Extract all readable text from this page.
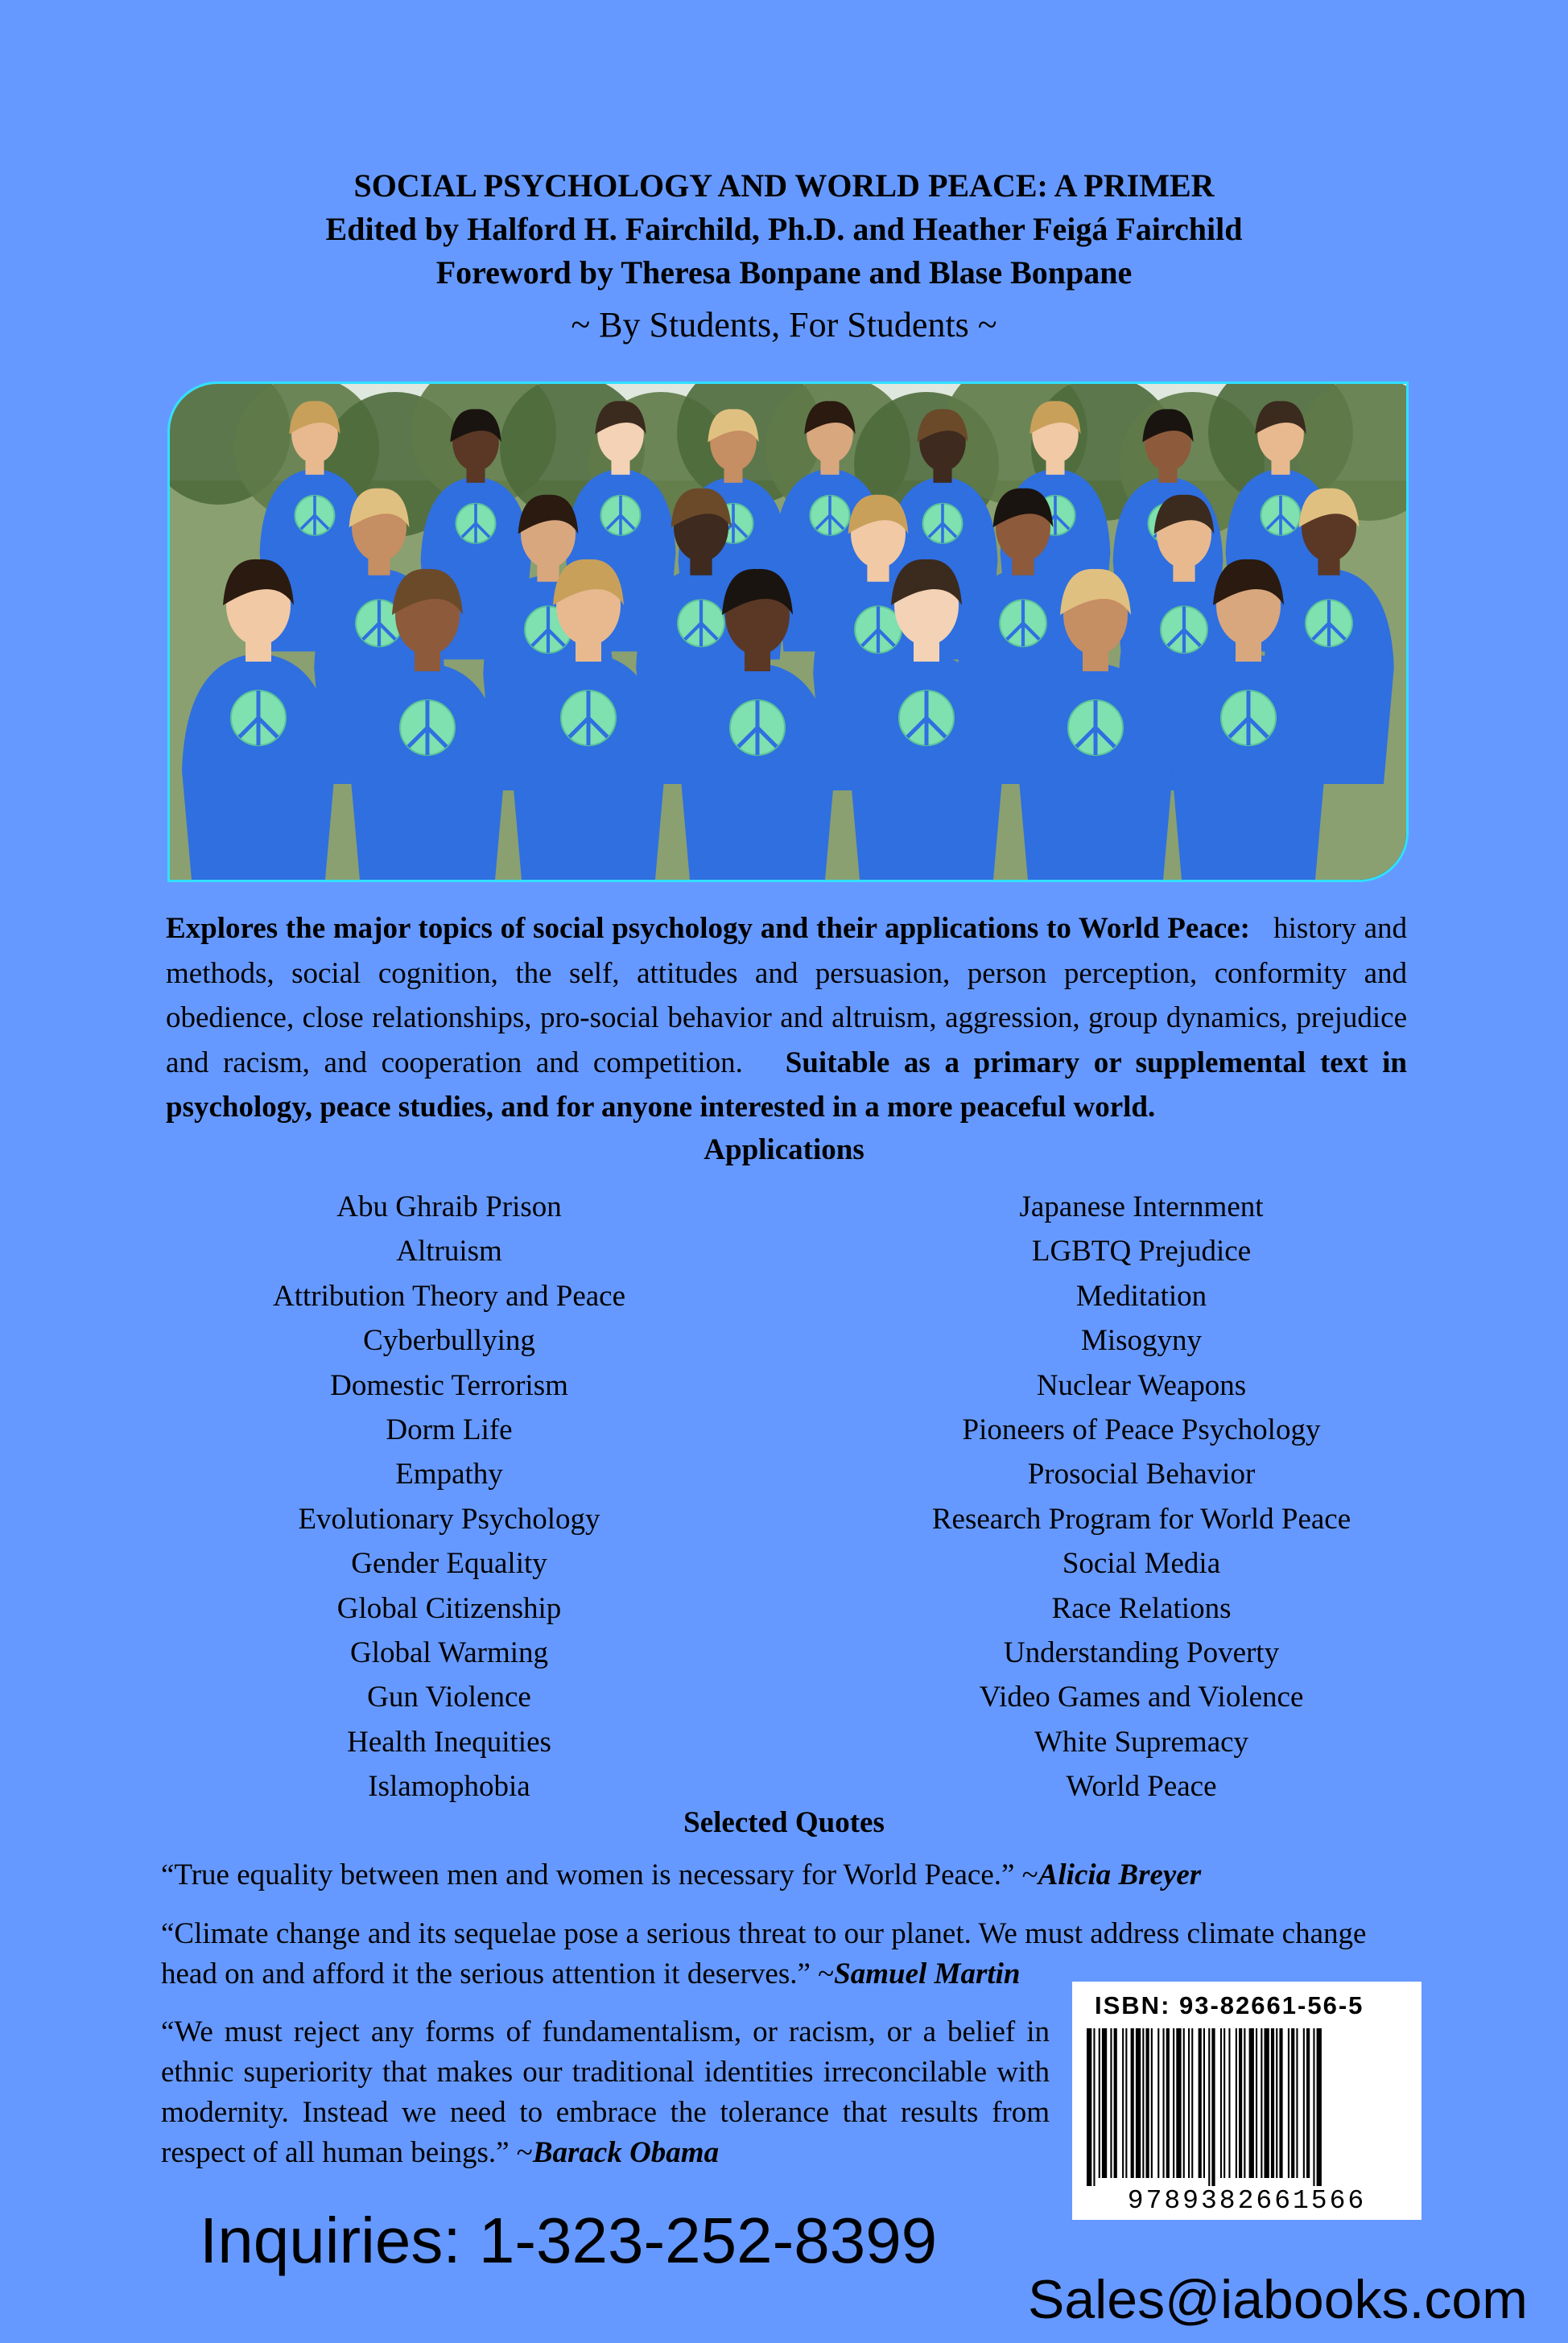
SOCIAL PSYCHOLOGY AND WORLD PEACE: A PRIMER
Edited by Halford H. Fairchild, Ph.D. and Heather Feigá Fairchild
Foreword by Theresa Bonpane and Blase Bonpane
~ By Students, For Students ~
Explores the major topics of social psychology and their applications to World Peace: history and methods, social cognition, the self, attitudes and persuasion, person perception, conformity and obedience, close relationships, pro-social behavior and altruism, aggression, group dynamics, prejudice and racism, and cooperation and competition. Suitable as a primary or supplemental text in psychology, peace studies, and for anyone interested in a more peaceful world.
Applications
Abu Ghraib Prison
Altruism
Attribution Theory and Peace
Cyberbullying
Domestic Terrorism
Dorm Life
Empathy
Evolutionary Psychology
Gender Equality
Global Citizenship
Global Warming
Gun Violence
Health Inequities
Islamophobia
Japanese Internment
LGBTQ Prejudice
Meditation
Misogyny
Nuclear Weapons
Pioneers of Peace Psychology
Prosocial Behavior
Research Program for World Peace
Social Media
Race Relations
Understanding Poverty
Video Games and Violence
White Supremacy
World Peace
Selected Quotes
“True equality between men and women is necessary for World Peace.” ~Alicia Breyer
“Climate change and its sequelae pose a serious threat to our planet. We must address climate change head on and afford it the serious attention it deserves.” ~Samuel Martin
“We must reject any forms of fundamentalism, or racism, or a belief in ethnic superiority that makes our traditional identities irreconcilable with modernity. Instead we need to embrace the tolerance that results from respect of all human beings.” ~Barack Obama
ISBN: 93-82661-56-5
9789382661566
Inquiries: 1-323-252-8399
Sales@iabooks.com
